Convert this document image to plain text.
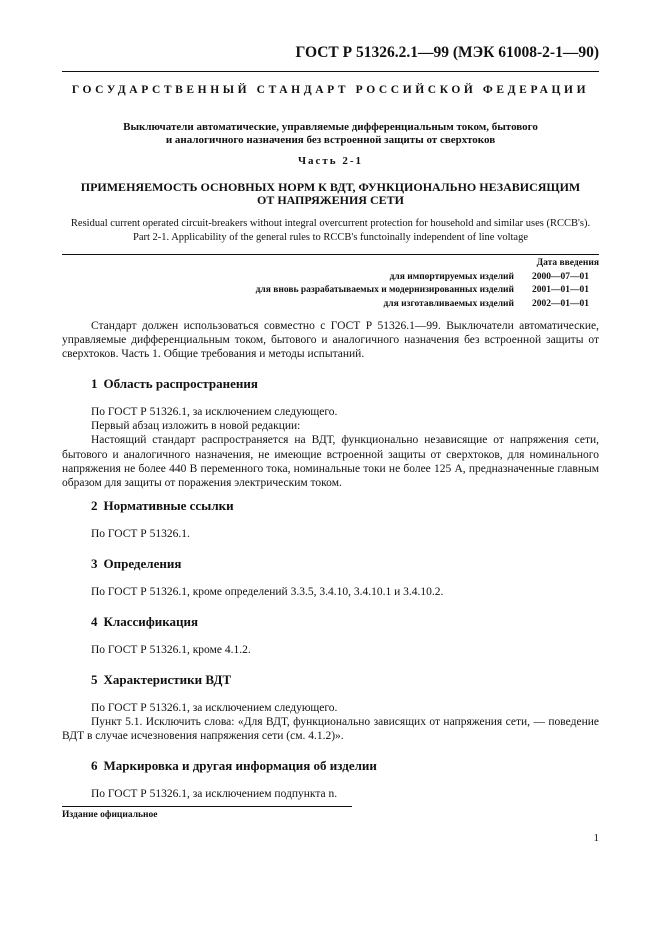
ГОСТ Р 51326.2.1—99 (МЭК 61008-2-1—90)
ГОСУДАРСТВЕННЫЙ СТАНДАРТ РОССИЙСКОЙ ФЕДЕРАЦИИ
Выключатели автоматические, управляемые дифференциальным током, бытового
и аналогичного назначения без встроенной защиты от сверхтоков
Часть 2-1
ПРИМЕНЯЕМОСТЬ ОСНОВНЫХ НОРМ К ВДТ, ФУНКЦИОНАЛЬНО НЕЗАВИСЯЩИМ
ОТ НАПРЯЖЕНИЯ СЕТИ
Residual current operated circuit-breakers without integral overcurrent protection for household and similar uses (RCCB's).
Part 2-1. Applicability of the general rules to RCCB's functoinally independent of line voltage
Дата введения
для импортируемых изделий	2000—07—01
для вновь разрабатываемых и модернизированных изделий	2001—01—01
для изготавливаемых изделий	2002—01—01

Стандарт должен использоваться совместно с ГОСТ Р 51326.1—99. Выключатели автоматические, управляемые дифференциальным током, бытового и аналогичного назначения без встроенной защиты от сверхтоков. Часть 1. Общие требования и методы испытаний.

1 Область распространения

По ГОСТ Р 51326.1, за исключением следующего.

Первый абзац изложить в новой редакции:

Настоящий стандарт распространяется на ВДТ, функционально независящие от напряжения сети, бытового и аналогичного назначения, не имеющие встроенной защиты от сверхтоков, для номинального напряжения не более 440 В переменного тока, номинальные токи не более 125 А, предназначенные главным образом для защиты от поражения электрическим током.

2 Нормативные ссылки

По ГОСТ Р 51326.1.

3 Определения

По ГОСТ Р 51326.1, кроме определений 3.3.5, 3.4.10, 3.4.10.1 и 3.4.10.2.

4 Классификация

По ГОСТ Р 51326.1, кроме 4.1.2.

5 Характеристики ВДТ

По ГОСТ Р 51326.1, за исключением следующего.

Пункт 5.1. Исключить слова: «Для ВДТ, функционально зависящих от напряжения сети, — поведение ВДТ в случае исчезновения напряжения сети (см. 4.1.2)».

6 Маркировка и другая информация об изделии

По ГОСТ Р 51326.1, за исключением подпункта n.

Издание официальное
1
